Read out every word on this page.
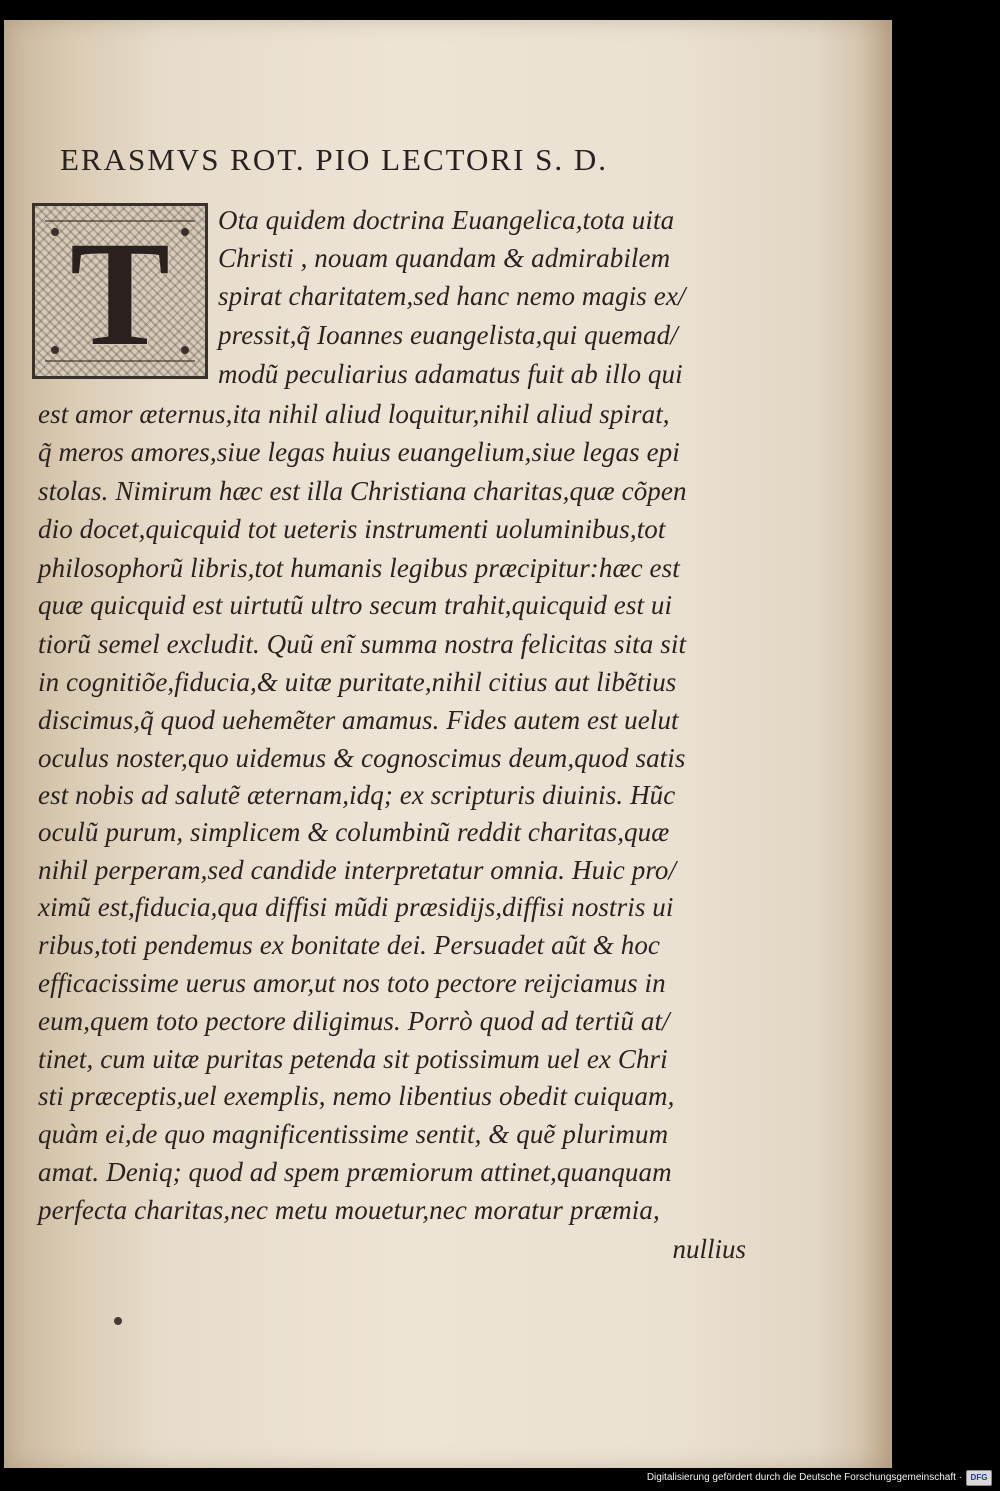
ERASMVS ROT. PIO LECTORI S. D.
T	Ota quidem doctrina Euangelica,tota uita
Christi , nouam quandam & admirabilem
spirat charitatem,sed hanc nemo magis ex/
pressit,q̃ Ioannes euangelista,qui quemad/
modũ peculiarius adamatus fuit ab illo qui
est amor æternus,ita nihil aliud loquitur,nihil aliud spirat,
q̃ meros amores,siue legas huius euangelium,siue legas epi
stolas. Nimirum hæc est illa Christiana charitas,quæ cõpen
dio docet,quicquid tot ueteris instrumenti uoluminibus,tot
philosophorũ libris,tot humanis legibus præcipitur:hæc est
quæ quicquid est uirtutũ ultro secum trahit,quicquid est ui
tiorũ semel excludit. Quũ enĩ summa nostra felicitas sita sit
in cognitiõe,fiducia,& uitæ puritate,nihil citius aut libẽtius
discimus,q̃ quod uehemẽter amamus. Fides autem est uelut
oculus noster,quo uidemus & cognoscimus deum,quod satis
est nobis ad salutẽ æternam,idq; ex scripturis diuinis. Hũc
oculũ purum, simplicem & columbinũ reddit charitas,quæ
nihil perperam,sed candide interpretatur omnia. Huic pro/
ximũ est,fiducia,qua diffisi mũdi præsidijs,diffisi nostris ui
ribus,toti pendemus ex bonitate dei. Persuadet aũt & hoc
efficacissime uerus amor,ut nos toto pectore reijciamus in
eum,quem toto pectore diligimus. Porrò quod ad tertiũ at/
tinet, cum uitæ puritas petenda sit potissimum uel ex Chri
sti præceptis,uel exemplis, nemo libentius obedit cuiquam,
quàm ei,de quo magnificentissime sentit, & quẽ plurimum
amat. Deniq; quod ad spem præmiorum attinet,quanquam
perfecta charitas,nec metu mouetur,nec moratur præmia,
nullius
Digitalisierung gefördert durch die Deutsche Forschungsgemeinschaft ·	DFG
